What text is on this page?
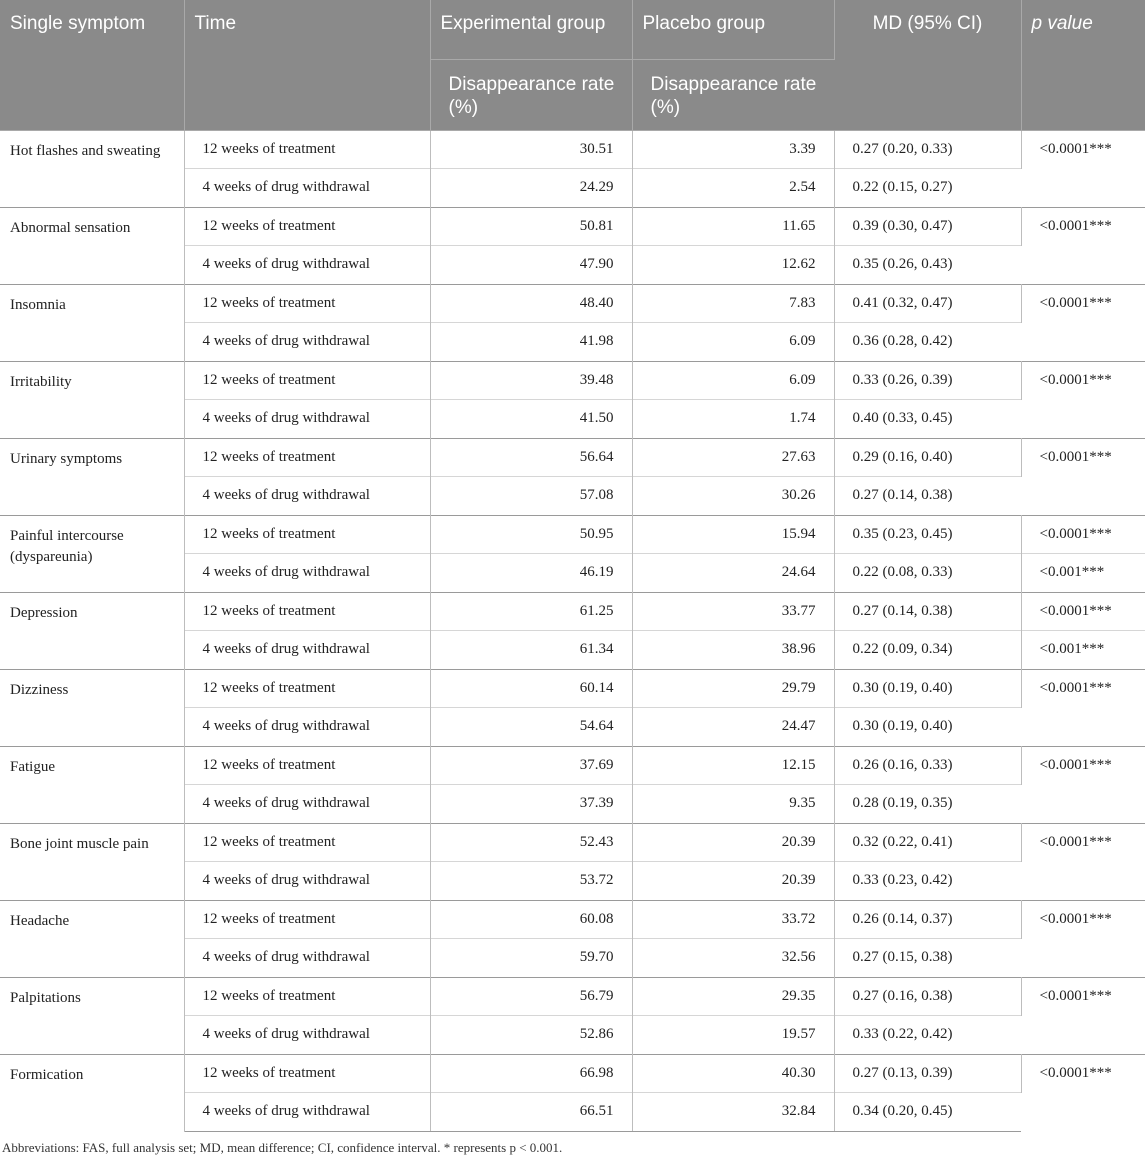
Single symptom	Time	Experimental group	Placebo group	MD (95% CI)	p value
		Disappearance rate (%)	Disappearance rate (%)		
Hot flashes and sweating	12 weeks of treatment	30.51	3.39	0.27 (0.20, 0.33)	<0.0001***
	4 weeks of drug withdrawal	24.29	2.54	0.22 (0.15, 0.27)	
Abnormal sensation	12 weeks of treatment	50.81	11.65	0.39 (0.30, 0.47)	<0.0001***
	4 weeks of drug withdrawal	47.90	12.62	0.35 (0.26, 0.43)	
Insomnia	12 weeks of treatment	48.40	7.83	0.41 (0.32, 0.47)	<0.0001***
	4 weeks of drug withdrawal	41.98	6.09	0.36 (0.28, 0.42)	
Irritability	12 weeks of treatment	39.48	6.09	0.33 (0.26, 0.39)	<0.0001***
	4 weeks of drug withdrawal	41.50	1.74	0.40 (0.33, 0.45)	
Urinary symptoms	12 weeks of treatment	56.64	27.63	0.29 (0.16, 0.40)	<0.0001***
	4 weeks of drug withdrawal	57.08	30.26	0.27 (0.14, 0.38)	
Painful intercourse (dyspareunia)	12 weeks of treatment	50.95	15.94	0.35 (0.23, 0.45)	<0.0001***
	4 weeks of drug withdrawal	46.19	24.64	0.22 (0.08, 0.33)	<0.001***
Depression	12 weeks of treatment	61.25	33.77	0.27 (0.14, 0.38)	<0.0001***
	4 weeks of drug withdrawal	61.34	38.96	0.22 (0.09, 0.34)	<0.001***
Dizziness	12 weeks of treatment	60.14	29.79	0.30 (0.19, 0.40)	<0.0001***
	4 weeks of drug withdrawal	54.64	24.47	0.30 (0.19, 0.40)	
Fatigue	12 weeks of treatment	37.69	12.15	0.26 (0.16, 0.33)	<0.0001***
	4 weeks of drug withdrawal	37.39	9.35	0.28 (0.19, 0.35)	
Bone joint muscle pain	12 weeks of treatment	52.43	20.39	0.32 (0.22, 0.41)	<0.0001***
	4 weeks of drug withdrawal	53.72	20.39	0.33 (0.23, 0.42)	
Headache	12 weeks of treatment	60.08	33.72	0.26 (0.14, 0.37)	<0.0001***
	4 weeks of drug withdrawal	59.70	32.56	0.27 (0.15, 0.38)	
Palpitations	12 weeks of treatment	56.79	29.35	0.27 (0.16, 0.38)	<0.0001***
	4 weeks of drug withdrawal	52.86	19.57	0.33 (0.22, 0.42)	
Formication	12 weeks of treatment	66.98	40.30	0.27 (0.13, 0.39)	<0.0001***
	4 weeks of drug withdrawal	66.51	32.84	0.34 (0.20, 0.45)	
Abbreviations: FAS, full analysis set; MD, mean difference; CI, confidence interval. * represents p < 0.001.
